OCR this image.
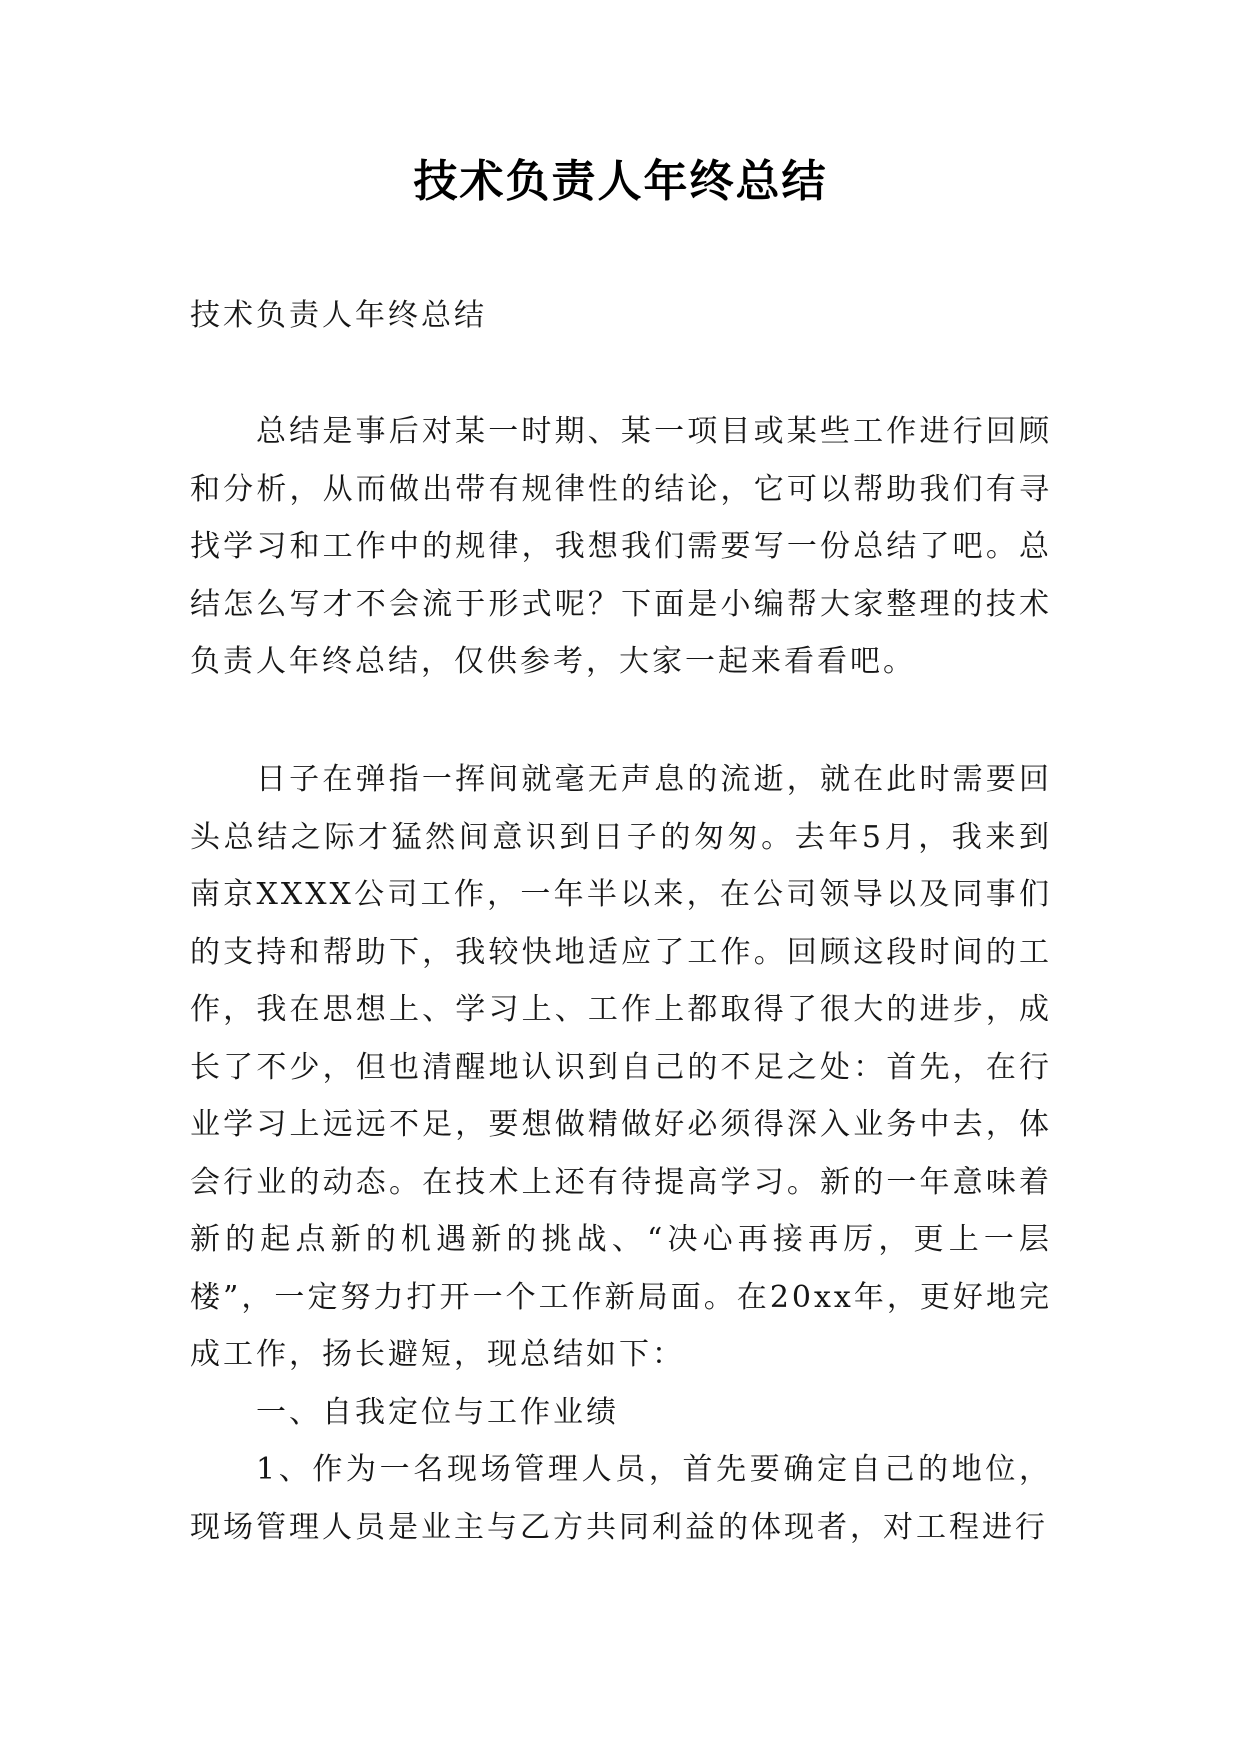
技术负责人年终总结

技术负责人年终总结

总结是事后对某一时期、某一项目或某些工作进行回顾和分析，从而做出带有规律性的结论，它可以帮助我们有寻找学习和工作中的规律，我想我们需要写一份总结了吧。总结怎么写才不会流于形式呢？下面是小编帮大家整理的技术负责人年终总结，仅供参考，大家一起来看看吧。

日子在弹指一挥间就毫无声息的流逝，就在此时需要回头总结之际才猛然间意识到日子的匆匆。去年5月，我来到南京XXXX公司工作，一年半以来，在公司领导以及同事们的支持和帮助下，我较快地适应了工作。回顾这段时间的工作，我在思想上、学习上、工作上都取得了很大的进步，成长了不少，但也清醒地认识到自己的不足之处：首先，在行业学习上远远不足，要想做精做好必须得深入业务中去，体会行业的动态。在技术上还有待提高学习。新的一年意味着新的起点新的机遇新的挑战、“决心再接再厉，更上一层楼”，一定努力打开一个工作新局面。在20xx年，更好地完成工作，扬长避短，现总结如下：
一、自我定位与工作业绩
1、作为一名现场管理人员，首先要确定自己的地位，现场管理人员是业主与乙方共同利益的体现者，对工程进行
